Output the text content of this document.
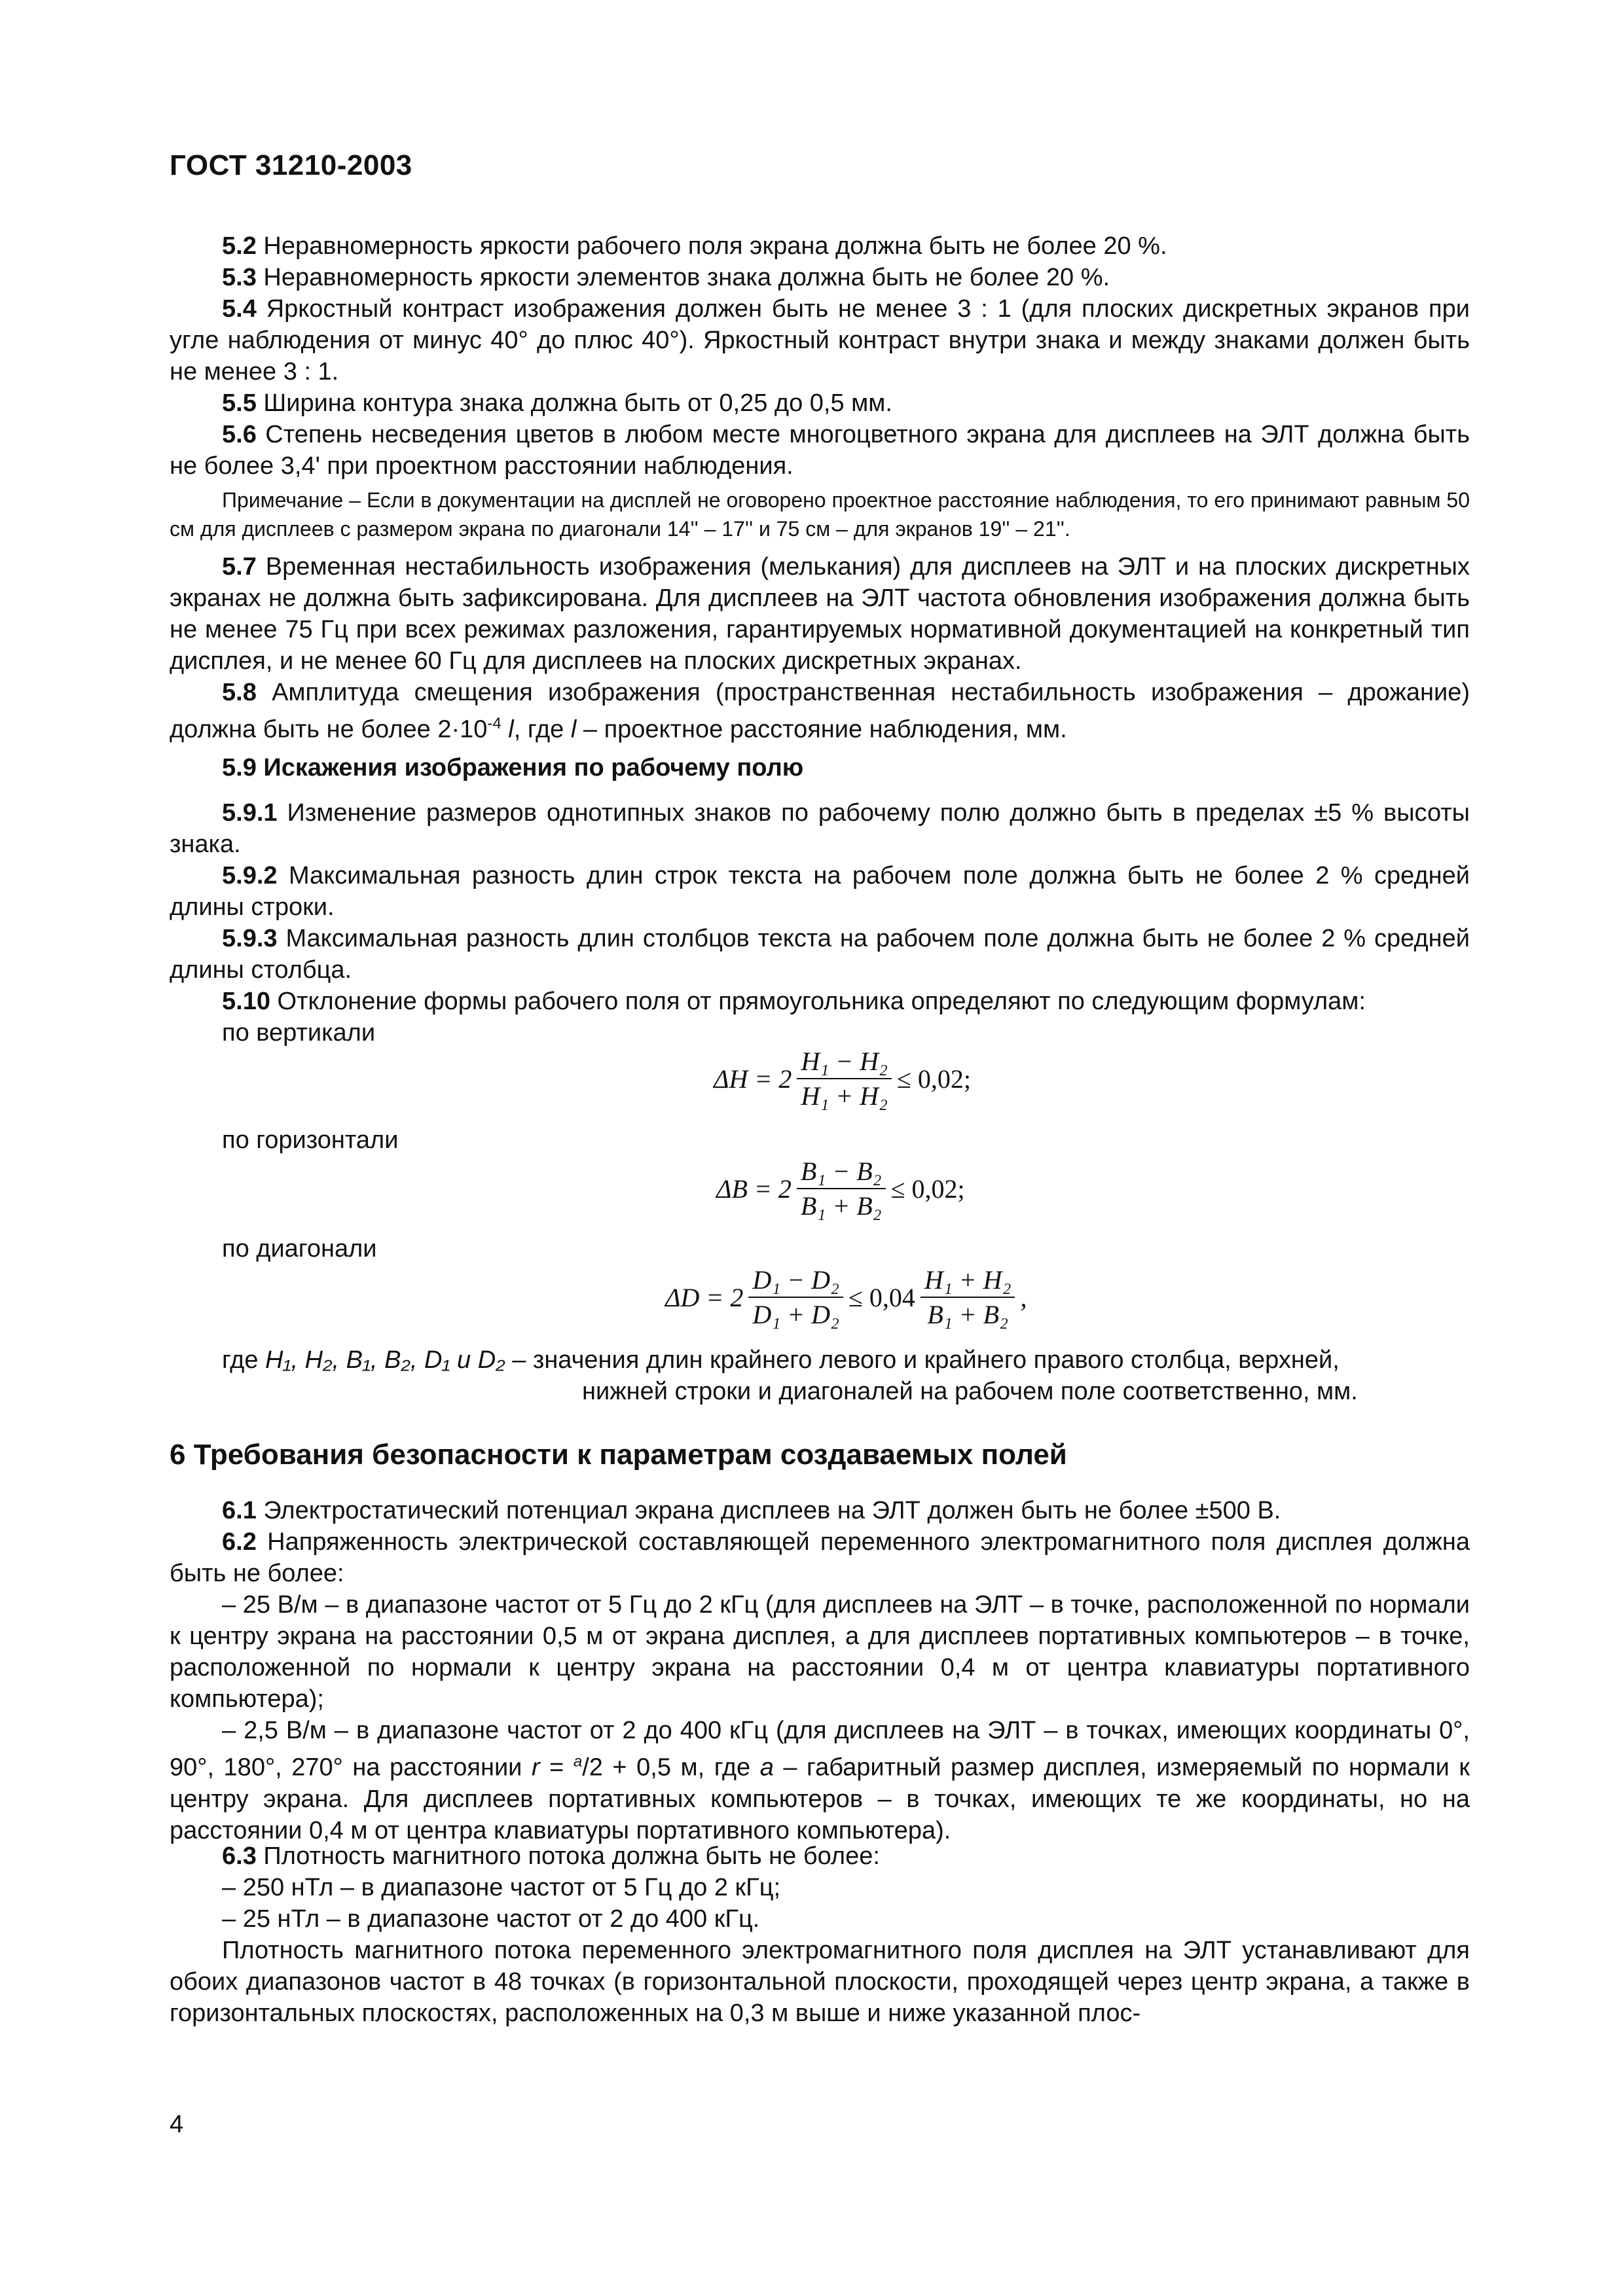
ГОСТ 31210-2003

5.2 Неравномерность яркости рабочего поля экрана должна быть не более 20 %.

5.3 Неравномерность яркости элементов знака должна быть не более 20 %.

5.4 Яркостный контраст изображения должен быть не менее 3 : 1 (для плоских дискретных экранов при угле наблюдения от минус 40° до плюс 40°). Яркостный контраст внутри знака и между знаками должен быть не менее 3 : 1.

5.5 Ширина контура знака должна быть от 0,25 до 0,5 мм.

5.6 Степень несведения цветов в любом месте многоцветного экрана для дисплеев на ЭЛТ должна быть не более 3,4' при проектном расстоянии наблюдения.

Примечание – Если в документации на дисплей не оговорено проектное расстояние наблюдения, то его принимают равным 50 см для дисплеев с размером экрана по диагонали 14'' – 17'' и 75 см – для экранов 19'' – 21''.

5.7 Временная нестабильность изображения (мелькания) для дисплеев на ЭЛТ и на плоских дискретных экранах не должна быть зафиксирована. Для дисплеев на ЭЛТ частота обновления изображения должна быть не менее 75 Гц при всех режимах разложения, гарантируемых нормативной документацией на конкретный тип дисплея, и не менее 60 Гц для дисплеев на плоских дискретных экранах.

5.8 Амплитуда смещения изображения (пространственная нестабильность изображения – дрожание) должна быть не более $2\cdot 10^{-4}$ l, где l – проектное расстояние наблюдения, мм.

5.9 Искажения изображения по рабочему полю

5.9.1 Изменение размеров однотипных знаков по рабочему полю должно быть в пределах ±5 % высоты знака.

5.9.2 Максимальная разность длин строк текста на рабочем поле должна быть не более 2 % средней длины строки.

5.9.3 Максимальная разность длин столбцов текста на рабочем поле должна быть не более 2 % средней длины столбца.

5.10 Отклонение формы рабочего поля от прямоугольника определяют по следующим формулам:

по вертикали
$\Delta H = 2 \frac{\text{H₁ − H₂}}{\text{H₁ + H₂}} \le 0,02$;
по горизонтали
$\Delta B = 2 \frac{\text{B₁ − B₂}}{\text{B₁ + B₂}} \le 0,02$;
по диагонали
$\Delta D = 2 \frac{\text{D₁ − D₂}}{\text{D₁ + D₂}} \le 0,04 \frac{\text{H₁ + H₂}}{\text{B₁ + B₂}}$ ,
где H₁, H₂, B₁, B₂, D₁ и D₂ – значения длин крайнего левого и крайнего правого столбца, верхней,
нижней строки и диагоналей на рабочем поле соответственно, мм.
6 Требования безопасности к параметрам создаваемых полей

6.1 Электростатический потенциал экрана дисплеев на ЭЛТ должен быть не более ±500 В.

6.2 Напряженность электрической составляющей переменного электромагнитного поля дисплея должна быть не более:

– 25 В/м – в диапазоне частот от 5 Гц до 2 кГц (для дисплеев на ЭЛТ – в точке, расположенной по нормали к центру экрана на расстоянии 0,5 м от экрана дисплея, а для дисплеев портативных компьютеров – в точке, расположенной по нормали к центру экрана на расстоянии 0,4 м от центра клавиатуры портативного компьютера);

– 2,5 В/м – в диапазоне частот от 2 до 400 кГц (для дисплеев на ЭЛТ – в точках, имеющих координаты 0°, 90°, 180°, 270° на расстоянии r = $^a$/2 + 0,5 м, где a – габаритный размер дисплея, измеряемый по нормали к центру экрана. Для дисплеев портативных компьютеров – в точках, имеющих те же координаты, но на расстоянии 0,4 м от центра клавиатуры портативного компьютера).

6.3 Плотность магнитного потока должна быть не более:

– 250 нТл – в диапазоне частот от 5 Гц до 2 кГц;

– 25 нТл – в диапазоне частот от 2 до 400 кГц.

Плотность магнитного потока переменного электромагнитного поля дисплея на ЭЛТ устанавливают для обоих диапазонов частот в 48 точках (в горизонтальной плоскости, проходящей через центр экрана, а также в горизонтальных плоскостях, расположенных на 0,3 м выше и ниже указанной плос-

4
